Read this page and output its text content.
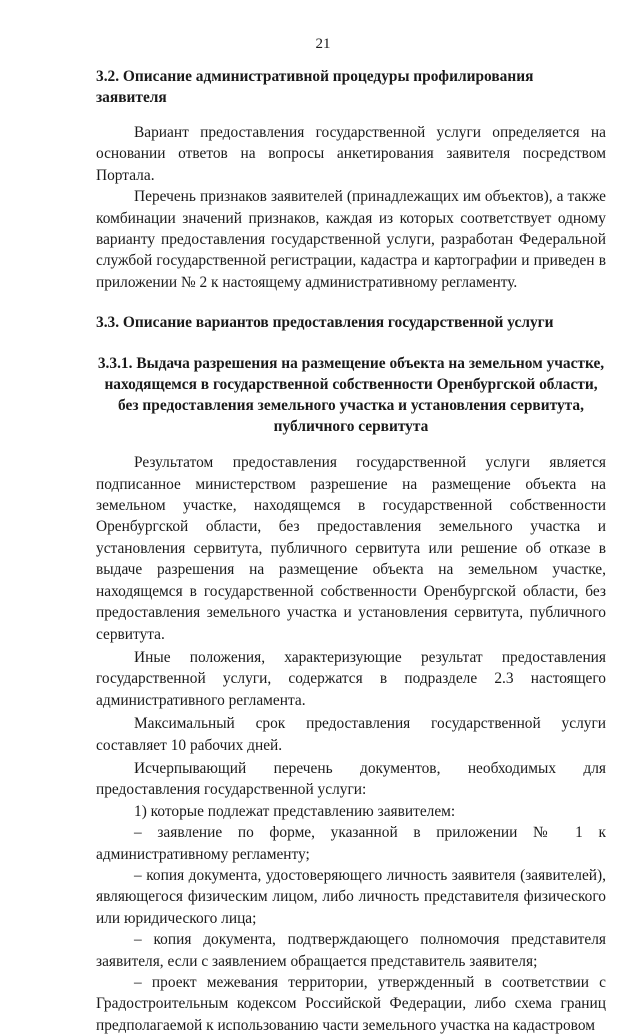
21
3.2. Описание административной процедуры профилирования заявителя

Вариант предоставления государственной услуги определяется на основании ответов на вопросы анкетирования заявителя посредством Портала.

Перечень признаков заявителей (принадлежащих им объектов), а также комбинации значений признаков, каждая из которых соответствует одному варианту предоставления государственной услуги, разработан Федеральной службой государственной регистрации, кадастра и картографии и приведен в приложении № 2 к настоящему административному регламенту.

3.3. Описание вариантов предоставления государственной услуги
3.3.1. Выдача разрешения на размещение объекта на земельном участке, находящемся в государственной собственности Оренбургской области, без предоставления земельного участка и установления сервитута, публичного сервитута

Результатом предоставления государственной услуги является подписанное министерством разрешение на размещение объекта на земельном участке, находящемся в государственной собственности Оренбургской области, без предоставления земельного участка и установления сервитута, публичного сервитута или решение об отказе в выдаче разрешения на размещение объекта на земельном участке, находящемся в государственной собственности Оренбургской области, без предоставления земельного участка и установления сервитута, публичного сервитута.

Иные положения, характеризующие результат предоставления государственной услуги, содержатся в подразделе 2.3 настоящего административного регламента.

Максимальный срок предоставления государственной услуги составляет 10 рабочих дней.

Исчерпывающий перечень документов, необходимых для предоставления государственной услуги:

1) которые подлежат представлению заявителем:

– заявление по форме, указанной в приложении № 1 к административному регламенту;

– копия документа, удостоверяющего личность заявителя (заявителей), являющегося физическим лицом, либо личность представителя физического или юридического лица;

– копия документа, подтверждающего полномочия представителя заявителя, если с заявлением обращается представитель заявителя;

– проект межевания территории, утвержденный в соответствии с Градостроительным кодексом Российской Федерации, либо схема границ предполагаемой к использованию части земельного участка на кадастровом
